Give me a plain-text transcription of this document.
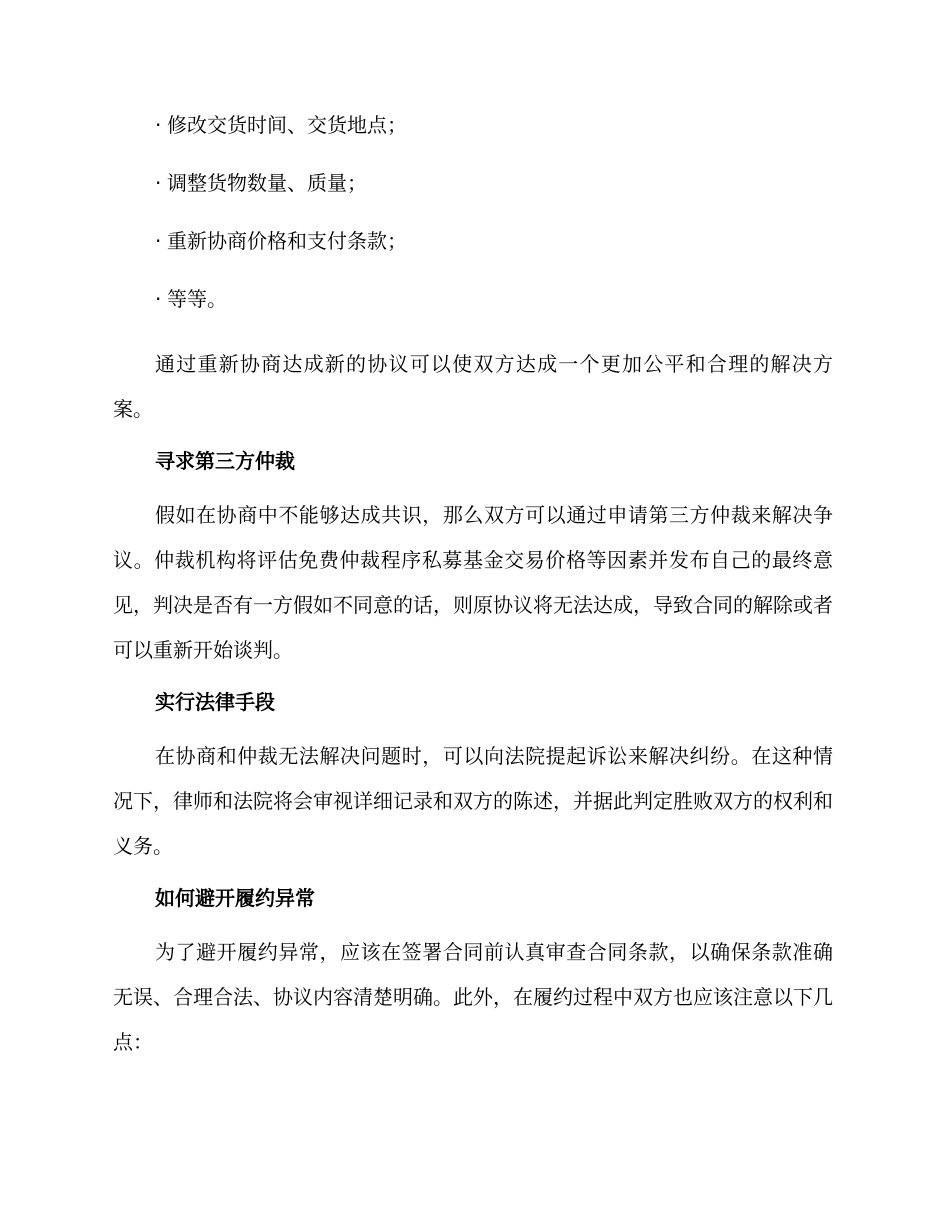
· 修改交货时间、交货地点；
· 调整货物数量、质量；
· 重新协商价格和支付条款；
· 等等。

通过重新协商达成新的协议可以使双方达成一个更加公平和合理的解决方案。

寻求第三方仲裁

假如在协商中不能够达成共识，那么双方可以通过申请第三方仲裁来解决争议。仲裁机构将评估免费仲裁程序私募基金交易价格等因素并发布自己的最终意见，判决是否有一方假如不同意的话，则原协议将无法达成，导致合同的解除或者可以重新开始谈判。

实行法律手段

在协商和仲裁无法解决问题时，可以向法院提起诉讼来解决纠纷。在这种情况下，律师和法院将会审视详细记录和双方的陈述，并据此判定胜败双方的权利和义务。

如何避开履约异常

为了避开履约异常，应该在签署合同前认真审查合同条款，以确保条款准确无误、合理合法、协议内容清楚明确。此外，在履约过程中双方也应该注意以下几点：
